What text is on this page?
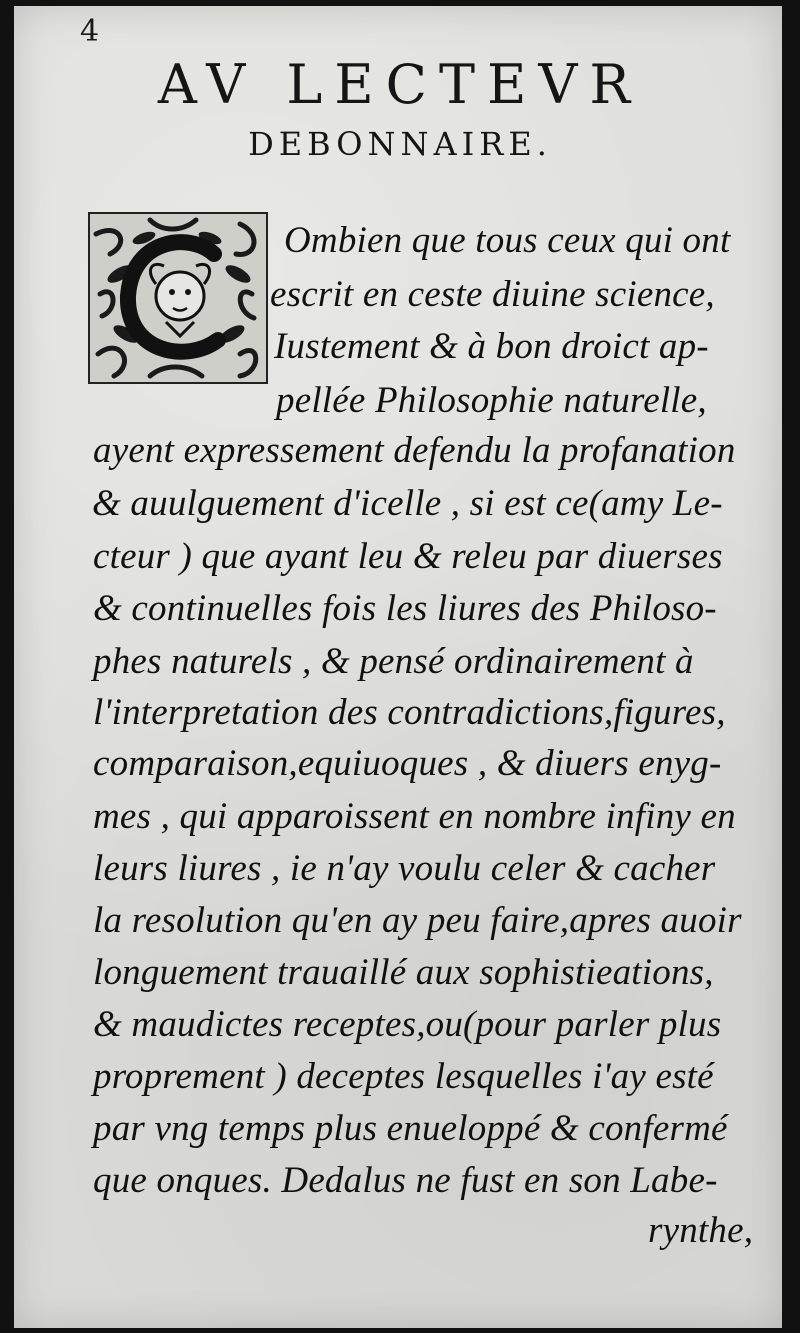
4
AV LECTEVR
DEBONNAIRE.
Ombien que tous ceux qui ont
escrit en ceste diuine science,
Iustement & à bon droict ap-
pellée Philosophie naturelle,
ayent expressement defendu la profanation
& auulguement d'icelle , si est ce(amy Le-
cteur ) que ayant leu & releu par diuerses
& continuelles fois les liures des Philoso-
phes naturels , & pensé ordinairement à
l'interpretation des contradictions,figures,
comparaison,equiuoques , & diuers enyg-
mes , qui apparoissent en nombre infiny en
leurs liures , ie n'ay voulu celer & cacher
la resolution qu'en ay peu faire,apres auoir
longuement trauaillé aux sophistieations,
& maudictes receptes,ou(pour parler plus
proprement ) deceptes lesquelles i'ay esté
par vng temps plus enueloppé & confermé
que onques. Dedalus ne fust en son Labe-
rynthe,
